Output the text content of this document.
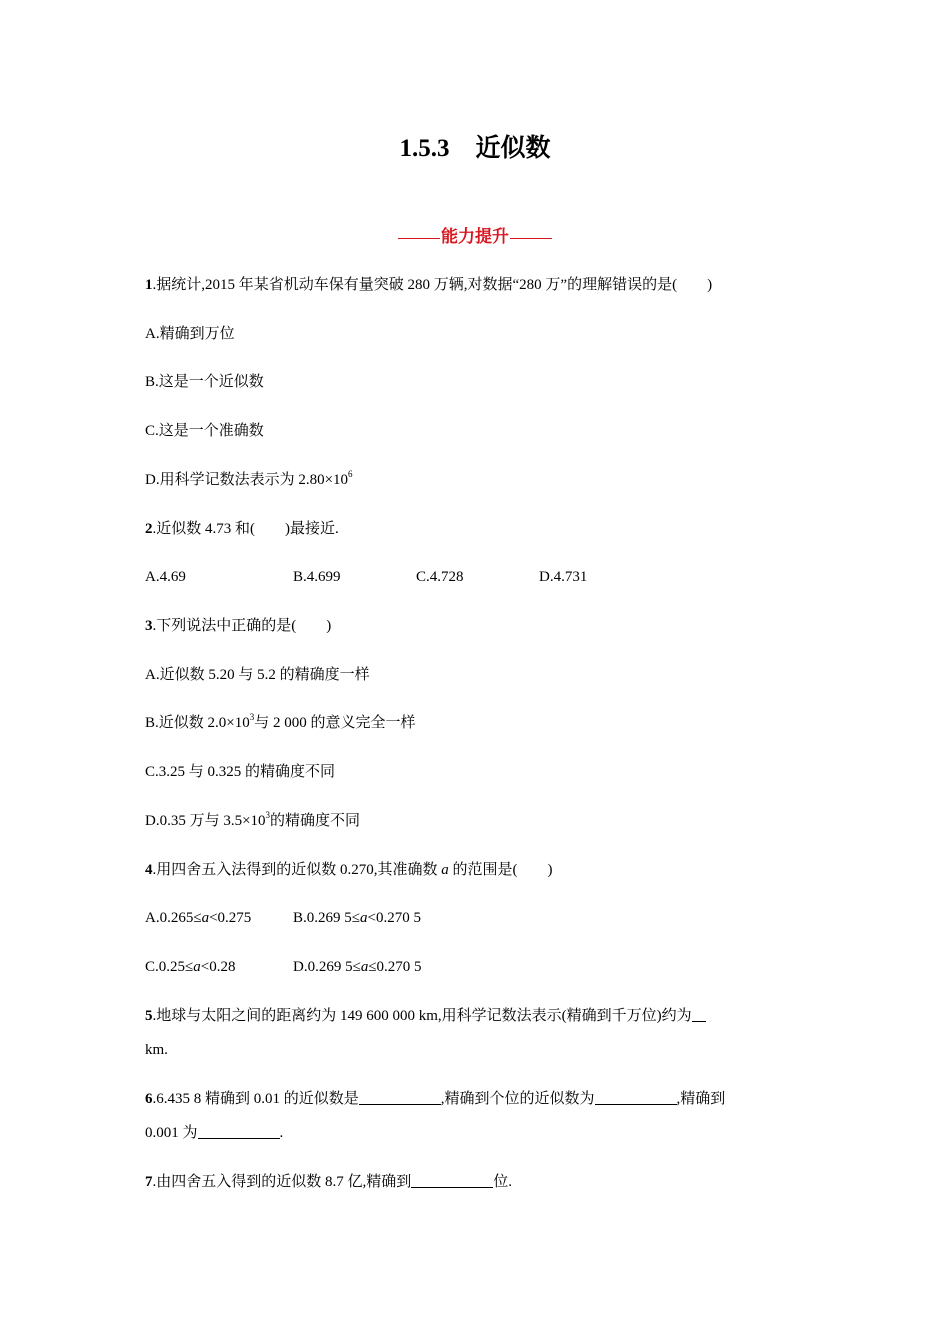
1.5.3 近似数
能力提升
1.据统计,2015 年某省机动车保有量突破 280 万辆,对数据“280 万”的理解错误的是( )
A.精确到万位
B.这是一个近似数
C.这是一个准确数
D.用科学记数法表示为 $2.80\times 10^6$
2.近似数 4.73 和( )最接近.
A.4.69	B.4.699	C.4.728	D.4.731
3.下列说法中正确的是( )
A.近似数 5.20 与 5.2 的精确度一样
B.近似数 $2.0\times 10^3$与 2 000 的意义完全一样
C.3.25 与 0.325 的精确度不同
D.0.35 万与 $3.5\times 10^3$的精确度不同
4.用四舍五入法得到的近似数 0.270,其准确数 a 的范围是( )
A.0.265≤a<0.275	B.0.269 5≤a<0.270 5
C.0.25≤a<0.28	D.0.269 5≤a≤0.270 5
5.地球与太阳之间的距离约为 149 600 000 km,用科学记数法表示(精确到千万位)约为
km.
6.6.435 8 精确到 0.01 的近似数是	,精确到个位的近似数为	,精确到
0.001 为	.
7.由四舍五入得到的近似数 8.7 亿,精确到	位.
